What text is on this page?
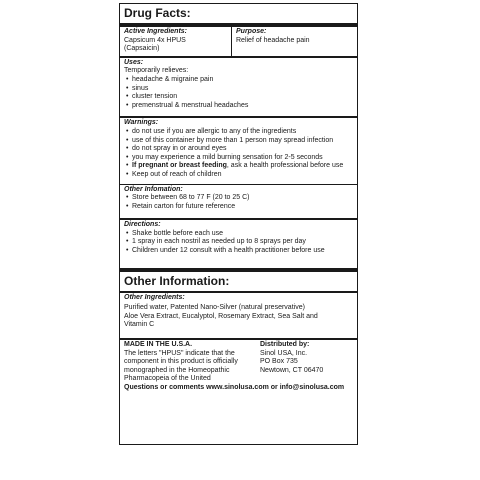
Drug Facts:
Active Ingredients:
Capsicum 4x HPUS
(Capsaicin)
Purpose:
Relief of headache pain
Uses:
Temporarily relieves:
• headache & migraine pain
• sinus
• cluster tension
• premenstrual & menstrual headaches
Warnings:
• do not use if you are allergic to any of the ingredients
• use of this container by more than 1 person may spread infection
• do not spray in or around eyes
• you may experience a mild burning sensation for 2-5 seconds
• If pregnant or breast feeding, ask a health professional before use
• Keep out of reach of children
Other Infomation:
• Store between 68 to 77 F (20 to 25 C)
• Retain carton for future reference
Directions:
• Shake bottle before each use
• 1 spray in each nostril as needed up to 8 sprays per day
• Children under 12 consult with a health practitioner before use
Other Information:
Other Ingredients:
Purified water, Patented Nano-Silver (natural preservative)
Aloe Vera Extract, Eucalyptol, Rosemary Extract, Sea Salt and
Vitamin C
MADE IN THE U.S.A.
The letters "HPUS" indicate that the
component in this product is officially
monographed in the Homeopathic
Pharmacopeia of the United
Distributed by:
Sinol USA, Inc.
PO Box 735
Newtown, CT 06470
Questions or comments www.sinolusa.com or info@sinolusa.com
